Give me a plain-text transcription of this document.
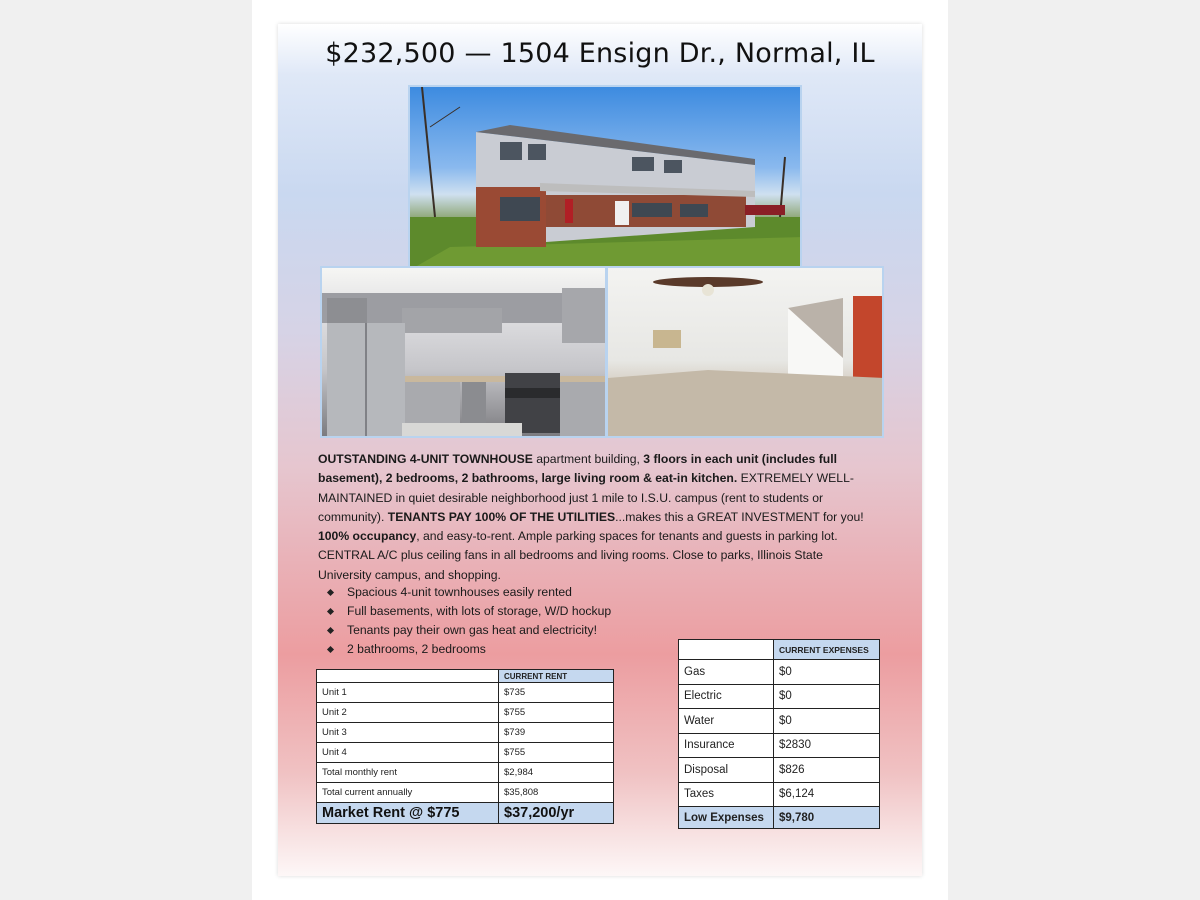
$232,500 — 1504 Ensign Dr., Normal, IL
OUTSTANDING 4-UNIT TOWNHOUSE apartment building, 3 floors in each unit (includes full basement), 2 bedrooms, 2 bathrooms, large living room & eat-in kitchen. EXTREMELY WELL-MAINTAINED in quiet desirable neighborhood just 1 mile to I.S.U. campus (rent to students or community). TENANTS PAY 100% OF THE UTILITIES...makes this a GREAT INVESTMENT for you! 100% occupancy, and easy-to-rent. Ample parking spaces for tenants and guests in parking lot. CENTRAL A/C plus ceiling fans in all bedrooms and living rooms. Close to parks, Illinois State University campus, and shopping.
Spacious 4-unit townhouses easily rented
Full basements, with lots of storage, W/D hockup
Tenants pay their own gas heat and electricity!
2 bathrooms, 2 bedrooms
	CURRENT RENT
Unit 1	$735
Unit 2	$755
Unit 3	$739
Unit 4	$755
Total monthly rent	$2,984
Total current annually	$35,808
Market Rent @ $775	$37,200/yr
	CURRENT EXPENSES
Gas	$0
Electric	$0
Water	$0
Insurance	$2830
Disposal	$826
Taxes	$6,124
Low Expenses	$9,780
